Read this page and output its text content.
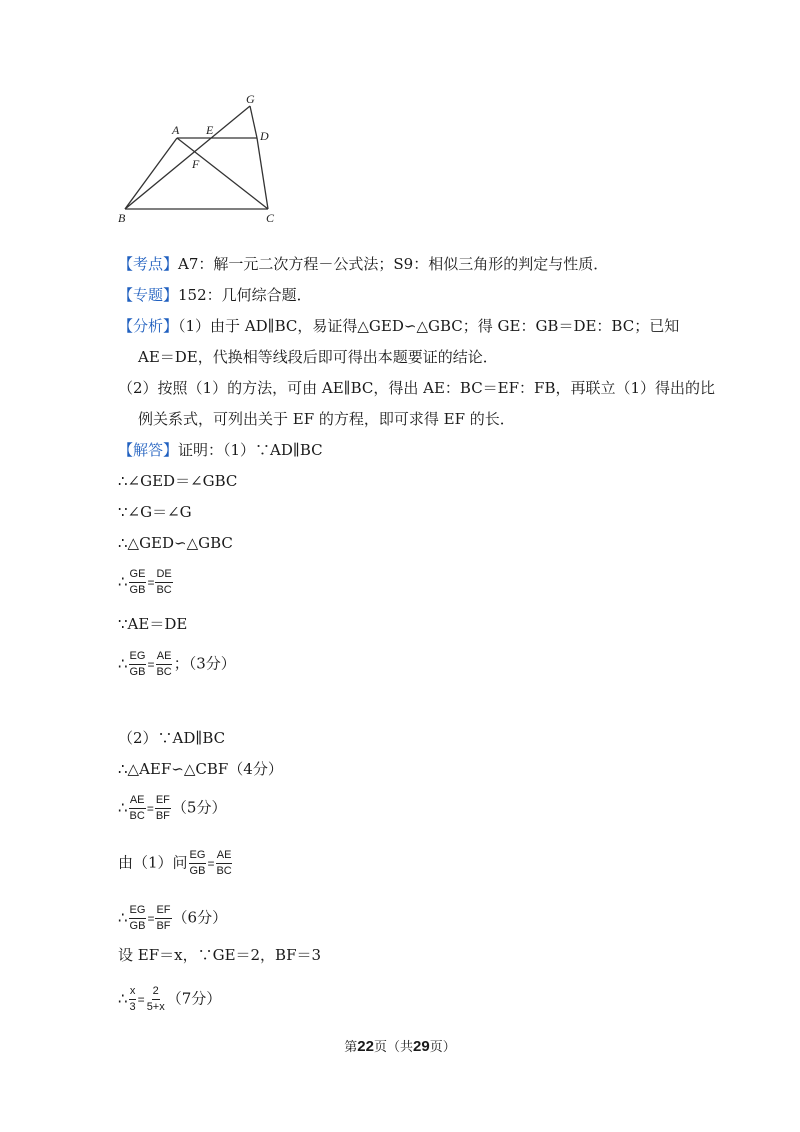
A E	D
G
F
B	C
【考点】A7：解一元二次方程－公式法；S9：相似三角形的判定与性质．
【专题】152：几何综合题．
【分析】（1）由于 AD∥BC，易证得△GED∽△GBC；得 GE：GB＝DE：BC；已知
AE＝DE，代换相等线段后即可得出本题要证的结论．
（2）按照（1）的方法，可由 AE∥BC，得出 AE：BC＝EF：FB，再联立（1）得出的比
例关系式，可列出关于 EF 的方程，即可求得 EF 的长．
【解答】证明：（1）∵AD∥BC
∴∠GED＝∠GBC
∵∠G＝∠G
∴△GED∽△GBC
∴ $\frac{GE}{GB} = \frac{DE}{BC}$
∵AE＝DE
∴ $\frac{EG}{GB} = \frac{AE}{BC}$ ；（3分）
（2）∵AD∥BC
∴△AEF∽△CBF（4分）
∴ $\frac{AE}{BC} = \frac{EF}{BF} (5$分）
由（1）问 $\frac{EG}{GB} = \frac{AE}{BC}$
∴ $\frac{EG}{GB} = \frac{EF}{BF} (6$分）
设 EF＝x，∵GE＝2，BF＝3
∴ $\frac{x}{3} = \frac{2}{5+x} (7$分）
第22页（共29页）
